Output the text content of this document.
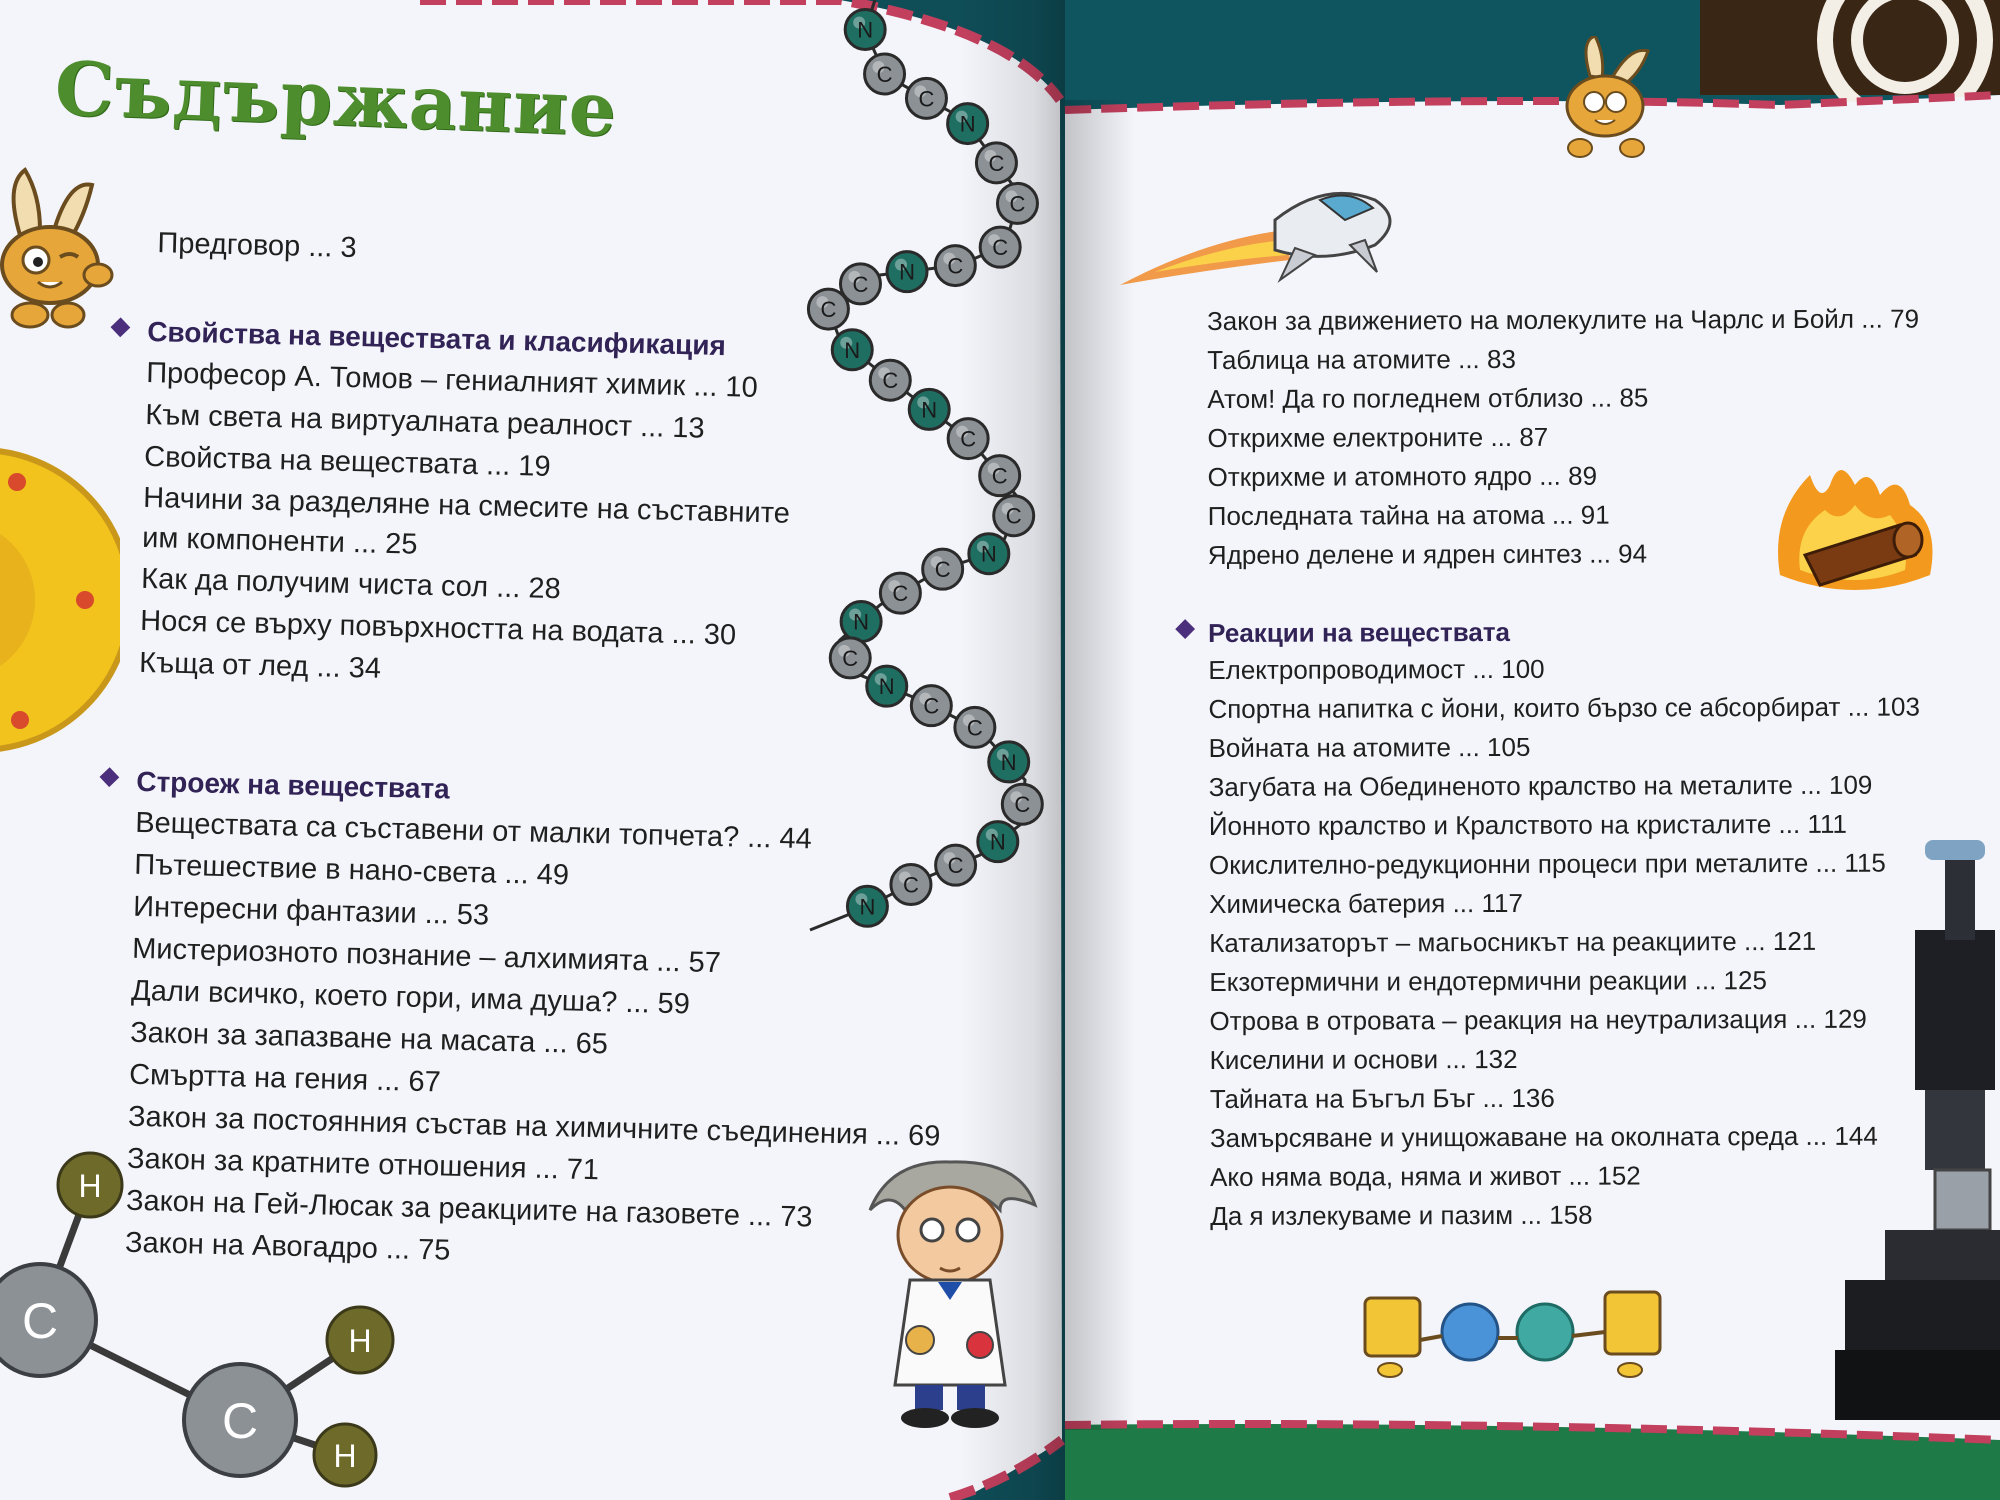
N
C
C
N
C
C
C
C
N
C
C
N
C
N
C
C
C
N
C
C
N
C
N
C
C
N
C
N
C
C
N
H
C
C
H
H
Съдържание
Предговор ... 3
Свойства на веществата и класификация
Професор А. Томов – гениалният химик ... 10
Към света на виртуалната реалност ... 13
Свойства на веществата ... 19
Начини за разделяне на смесите на съставните им компоненти ... 25
Как да получим чиста сол ... 28
Нося се върху повърхността на водата ... 30
Къща от лед ... 34
Строеж на веществата
Веществата са съставени от малки топчета? ... 44
Пътешествие в нано-света ... 49
Интересни фантазии ... 53
Мистериозното познание – алхимията ... 57
Дали всичко, което гори, има душа? ... 59
Закон за запазване на масата ... 65
Смъртта на гения ... 67
Закон за постоянния състав на химичните съединения ... 69
Закон за кратните отношения ... 71
Закон на Гей-Люсак за реакциите на газовете ... 73
Закон на Авогадро ... 75
Закон за движението на молекулите на Чарлс и Бойл ... 79
Таблица на атомите ... 83
Атом! Да го погледнем отблизо ... 85
Открихме електроните ... 87
Открихме и атомното ядро ... 89
Последната тайна на атома ... 91
Ядрено делене и ядрен синтез ... 94
Реакции на веществата
Електропроводимост ... 100
Спортна напитка с йони, които бързо се абсорбират ... 103
Войната на атомите ... 105
Загубата на Обединеното кралство на металите ... 109
Йонното кралство и Кралството на кристалите ... 111
Окислително-редукционни процеси при металите ... 115
Химическа батерия ... 117
Катализаторът – магьосникът на реакциите ... 121
Екзотермични и ендотермични реакции ... 125
Отрова в отровата – реакция на неутрализация ... 129
Киселини и основи ... 132
Тайната на Бъгъл Бъг ... 136
Замърсяване и унищожаване на околната среда ... 144
Ако няма вода, няма и живот ... 152
Да я излекуваме и пазим ... 158
